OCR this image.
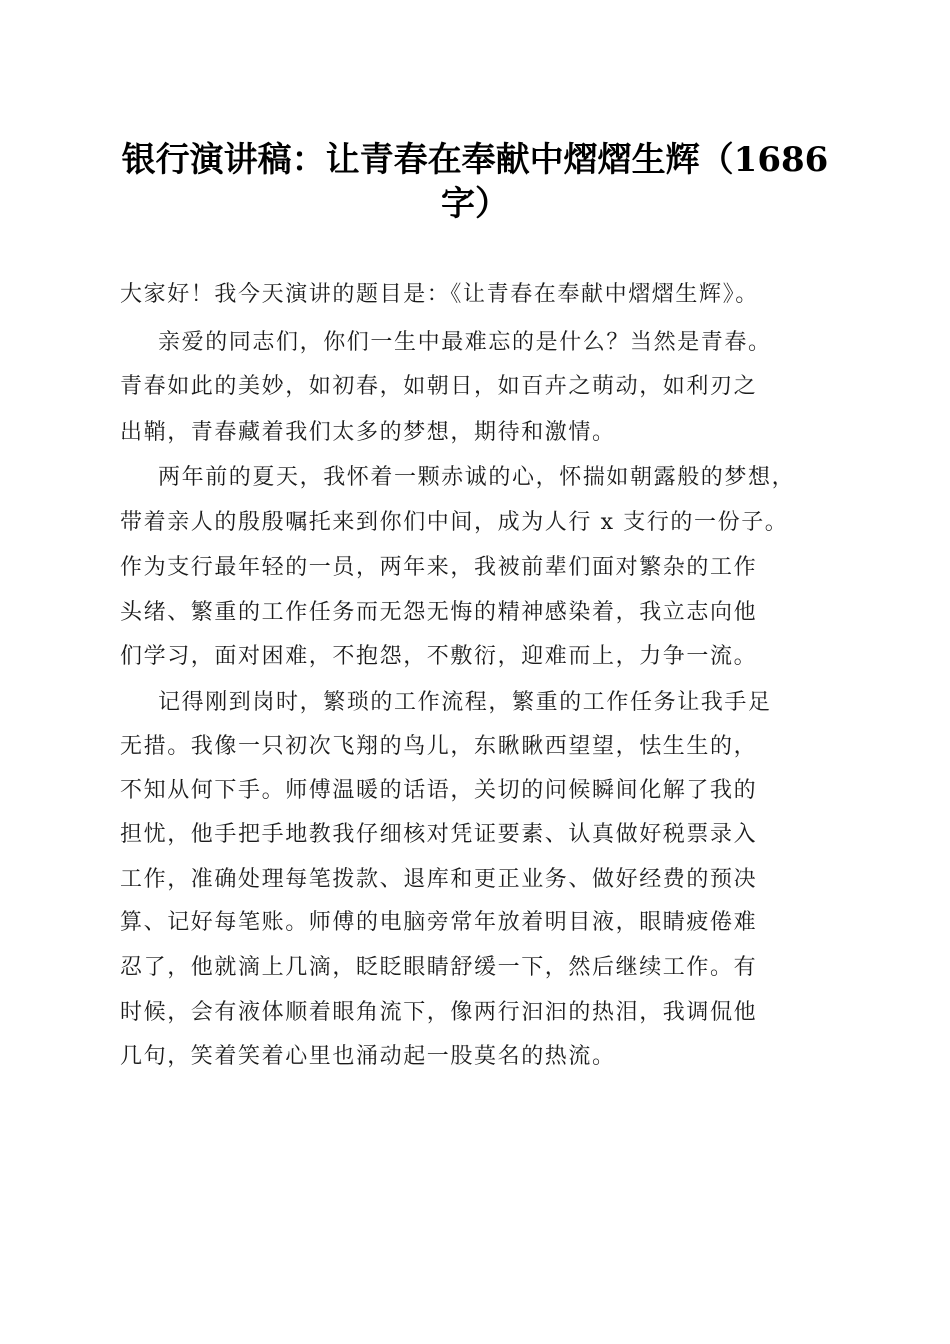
银行演讲稿：让青春在奉献中熠熠生辉（1686
字）

大家好！我今天演讲的题目是：《让青春在奉献中熠熠生辉》。

亲爱的同志们，你们一生中最难忘的是什么？当然是青春。

青春如此的美妙，如初春，如朝日，如百卉之萌动，如利刃之

出鞘，青春藏着我们太多的梦想，期待和激情。

两年前的夏天，我怀着一颗赤诚的心，怀揣如朝露般的梦想，

带着亲人的殷殷嘱托来到你们中间，成为人行 x 支行的一份子。

作为支行最年轻的一员，两年来，我被前辈们面对繁杂的工作

头绪、繁重的工作任务而无怨无悔的精神感染着，我立志向他

们学习，面对困难，不抱怨，不敷衍，迎难而上，力争一流。

记得刚到岗时，繁琐的工作流程，繁重的工作任务让我手足

无措。我像一只初次飞翔的鸟儿，东瞅瞅西望望，怯生生的，

不知从何下手。师傅温暖的话语，关切的问候瞬间化解了我的

担忧，他手把手地教我仔细核对凭证要素、认真做好税票录入

工作，准确处理每笔拨款、退库和更正业务、做好经费的预决

算、记好每笔账。师傅的电脑旁常年放着明目液，眼睛疲倦难

忍了，他就滴上几滴，眨眨眼睛舒缓一下，然后继续工作。有

时候，会有液体顺着眼角流下，像两行汩汩的热泪，我调侃他

几句，笑着笑着心里也涌动起一股莫名的热流。
